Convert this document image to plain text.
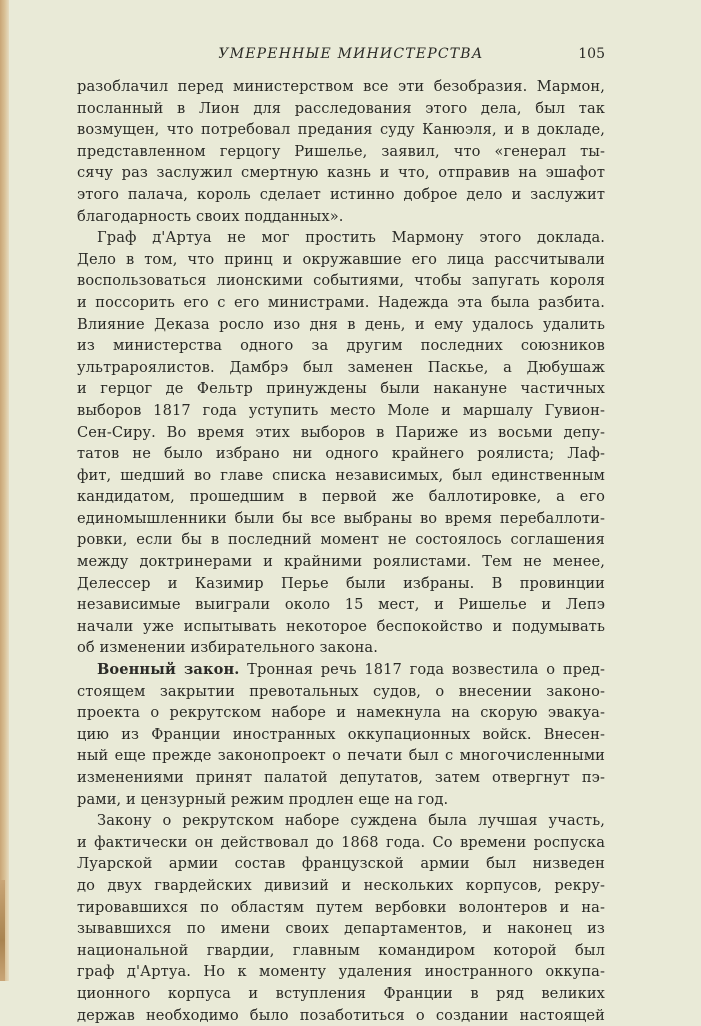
УМЕРЕННЫЕ МИНИСТЕРСТВА	105
разоблачил перед министерством все эти безобразия. Мармон,
посланный в Лион для расследования этого дела, был так
возмущен, что потребовал предания суду Канюэля, и в докладе,
представленном герцогу Ришелье, заявил, что «генерал ты-
сячу раз заслужил смертную казнь и что, отправив на эшафот
этого палача, король сделает истинно доброе дело и заслужит
благодарность своих подданных».
Граф д'Артуа не мог простить Мармону этого доклада.
Дело в том, что принц и окружавшие его лица рассчитывали
воспользоваться лионскими событиями, чтобы запугать короля
и поссорить его с его министрами. Надежда эта была разбита.
Влияние Деказа росло изо дня в день, и ему удалось удалить
из министерства одного за другим последних союзников
ультрароялистов. Дамбрэ был заменен Паскье, а Дюбушаж
и герцог де Фельтр принуждены были накануне частичных
выборов 1817 года уступить место Моле и маршалу Гувион-
Сен-Сиру. Во время этих выборов в Париже из восьми депу-
татов не было избрано ни одного крайнего роялиста; Лаф-
фит, шедший во главе списка независимых, был единственным
кандидатом, прошедшим в первой же баллотировке, а его
единомышленники были бы все выбраны во время перебаллоти-
ровки, если бы в последний момент не состоялось соглашения
между доктринерами и крайними роялистами. Тем не менее,
Делессер и Казимир Перье были избраны. В провинции
независимые выиграли около 15 мест, и Ришелье и Лепэ
начали уже испытывать некоторое беспокойство и подумывать
об изменении избирательного закона.
Военный закон. Тронная речь 1817 года возвестила о пред-
стоящем закрытии превотальных судов, о внесении законо-
проекта о рекрутском наборе и намекнула на скорую эвакуа-
цию из Франции иностранных оккупационных войск. Внесен-
ный еще прежде законопроект о печати был с многочисленными
изменениями принят палатой депутатов, затем отвергнут пэ-
рами, и цензурный режим продлен еще на год.
Закону о рекрутском наборе суждена была лучшая участь,
и фактически он действовал до 1868 года. Со времени роспуска
Луарской армии состав французской армии был низведен
до двух гвардейских дивизий и нескольких корпусов, рекру-
тировавшихся по областям путем вербовки волонтеров и на-
зывавшихся по имени своих департаментов, и наконец из
национальной гвардии, главным командиром которой был
граф д'Артуа. Но к моменту удаления иностранного оккупа-
ционного корпуса и вступления Франции в ряд великих
держав необходимо было позаботиться о создании настоящей
